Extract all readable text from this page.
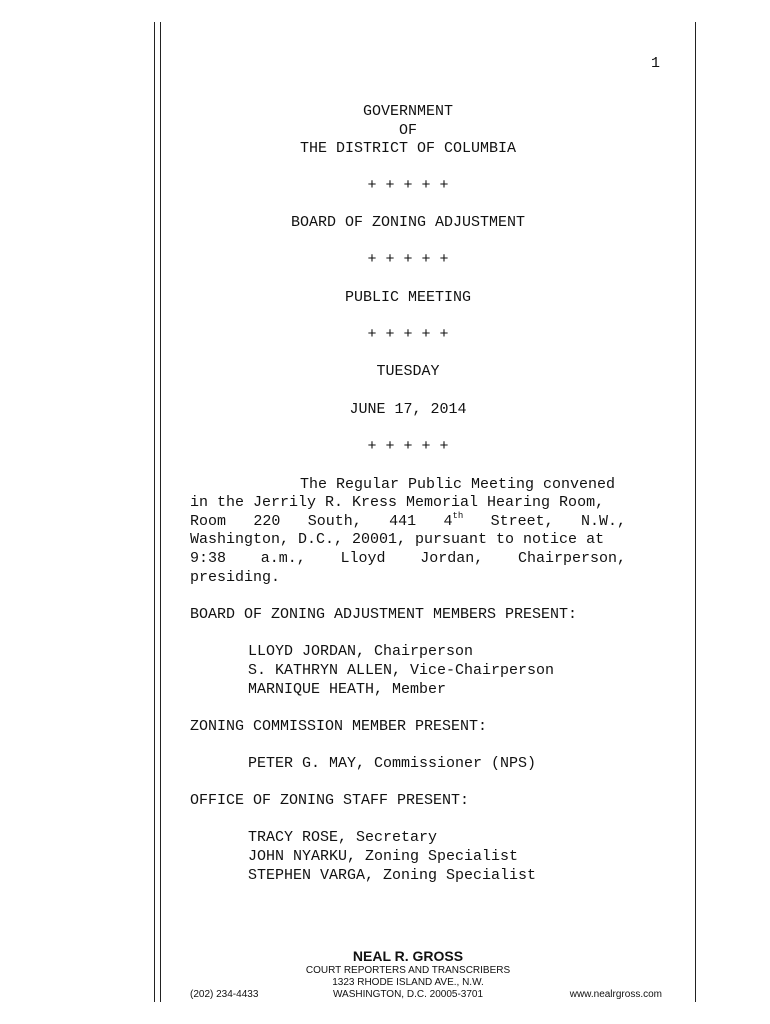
1
GOVERNMENT
OF
THE DISTRICT OF COLUMBIA
+ + + + +
BOARD OF ZONING ADJUSTMENT
+ + + + +
PUBLIC MEETING
+ + + + +
TUESDAY
JUNE 17, 2014
+ + + + +
The Regular Public Meeting convened
in the Jerrily R. Kress Memorial Hearing Room,
Room 220 South, 441 4th Street, N.W.,
Washington, D.C., 20001, pursuant to notice at
9:38 a.m., Lloyd Jordan, Chairperson,
presiding.
BOARD OF ZONING ADJUSTMENT MEMBERS PRESENT:
LLOYD JORDAN, Chairperson
S. KATHRYN ALLEN, Vice-Chairperson
MARNIQUE HEATH, Member
ZONING COMMISSION MEMBER PRESENT:
PETER G. MAY, Commissioner (NPS)
OFFICE OF ZONING STAFF PRESENT:
TRACY ROSE, Secretary
JOHN NYARKU, Zoning Specialist
STEPHEN VARGA, Zoning Specialist
NEAL R. GROSS
COURT REPORTERS AND TRANSCRIBERS
1323 RHODE ISLAND AVE., N.W.
WASHINGTON, D.C. 20005-3701
(202) 234-4433	www.nealrgross.com
